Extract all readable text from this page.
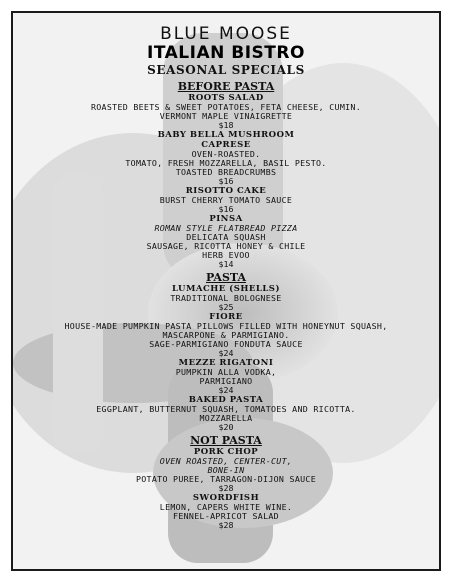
BLUE MOOSE
ITALIAN BISTRO
SEASONAL SPECIALS
BEFORE PASTA
ROOTS SALAD
ROASTED BEETS & SWEET POTATOES, FETA CHEESE, CUMIN.
VERMONT MAPLE VINAIGRETTE
$18
BABY BELLA MUSHROOM
CAPRESE
OVEN-ROASTED.
TOMATO, FRESH MOZZARELLA, BASIL PESTO.
TOASTED BREADCRUMBS
$16
RISOTTO CAKE
BURST CHERRY TOMATO SAUCE
$16
PINSA
ROMAN STYLE FLATBREAD PIZZA
DELICATA SQUASH
SAUSAGE, RICOTTA HONEY & CHILE
HERB EVOO
$14
PASTA
LUMACHE (SHELLS)
TRADITIONAL BOLOGNESE
$25
FIORE
HOUSE-MADE PUMPKIN PASTA PILLOWS FILLED WITH HONEYNUT SQUASH,
MASCARPONE & PARMIGIANO.
SAGE-PARMIGIANO FONDUTA SAUCE
$24
MEZZE RIGATONI
PUMPKIN ALLA VODKA,
PARMIGIANO
$24
BAKED PASTA
EGGPLANT, BUTTERNUT SQUASH, TOMATOES AND RICOTTA.
MOZZARELLA
$20
NOT PASTA
PORK CHOP
OVEN ROASTED, CENTER-CUT,
BONE-IN
POTATO PUREE, TARRAGON-DIJON SAUCE
$28
SWORDFISH
LEMON, CAPERS WHITE WINE.
FENNEL-APRICOT SALAD
$28
